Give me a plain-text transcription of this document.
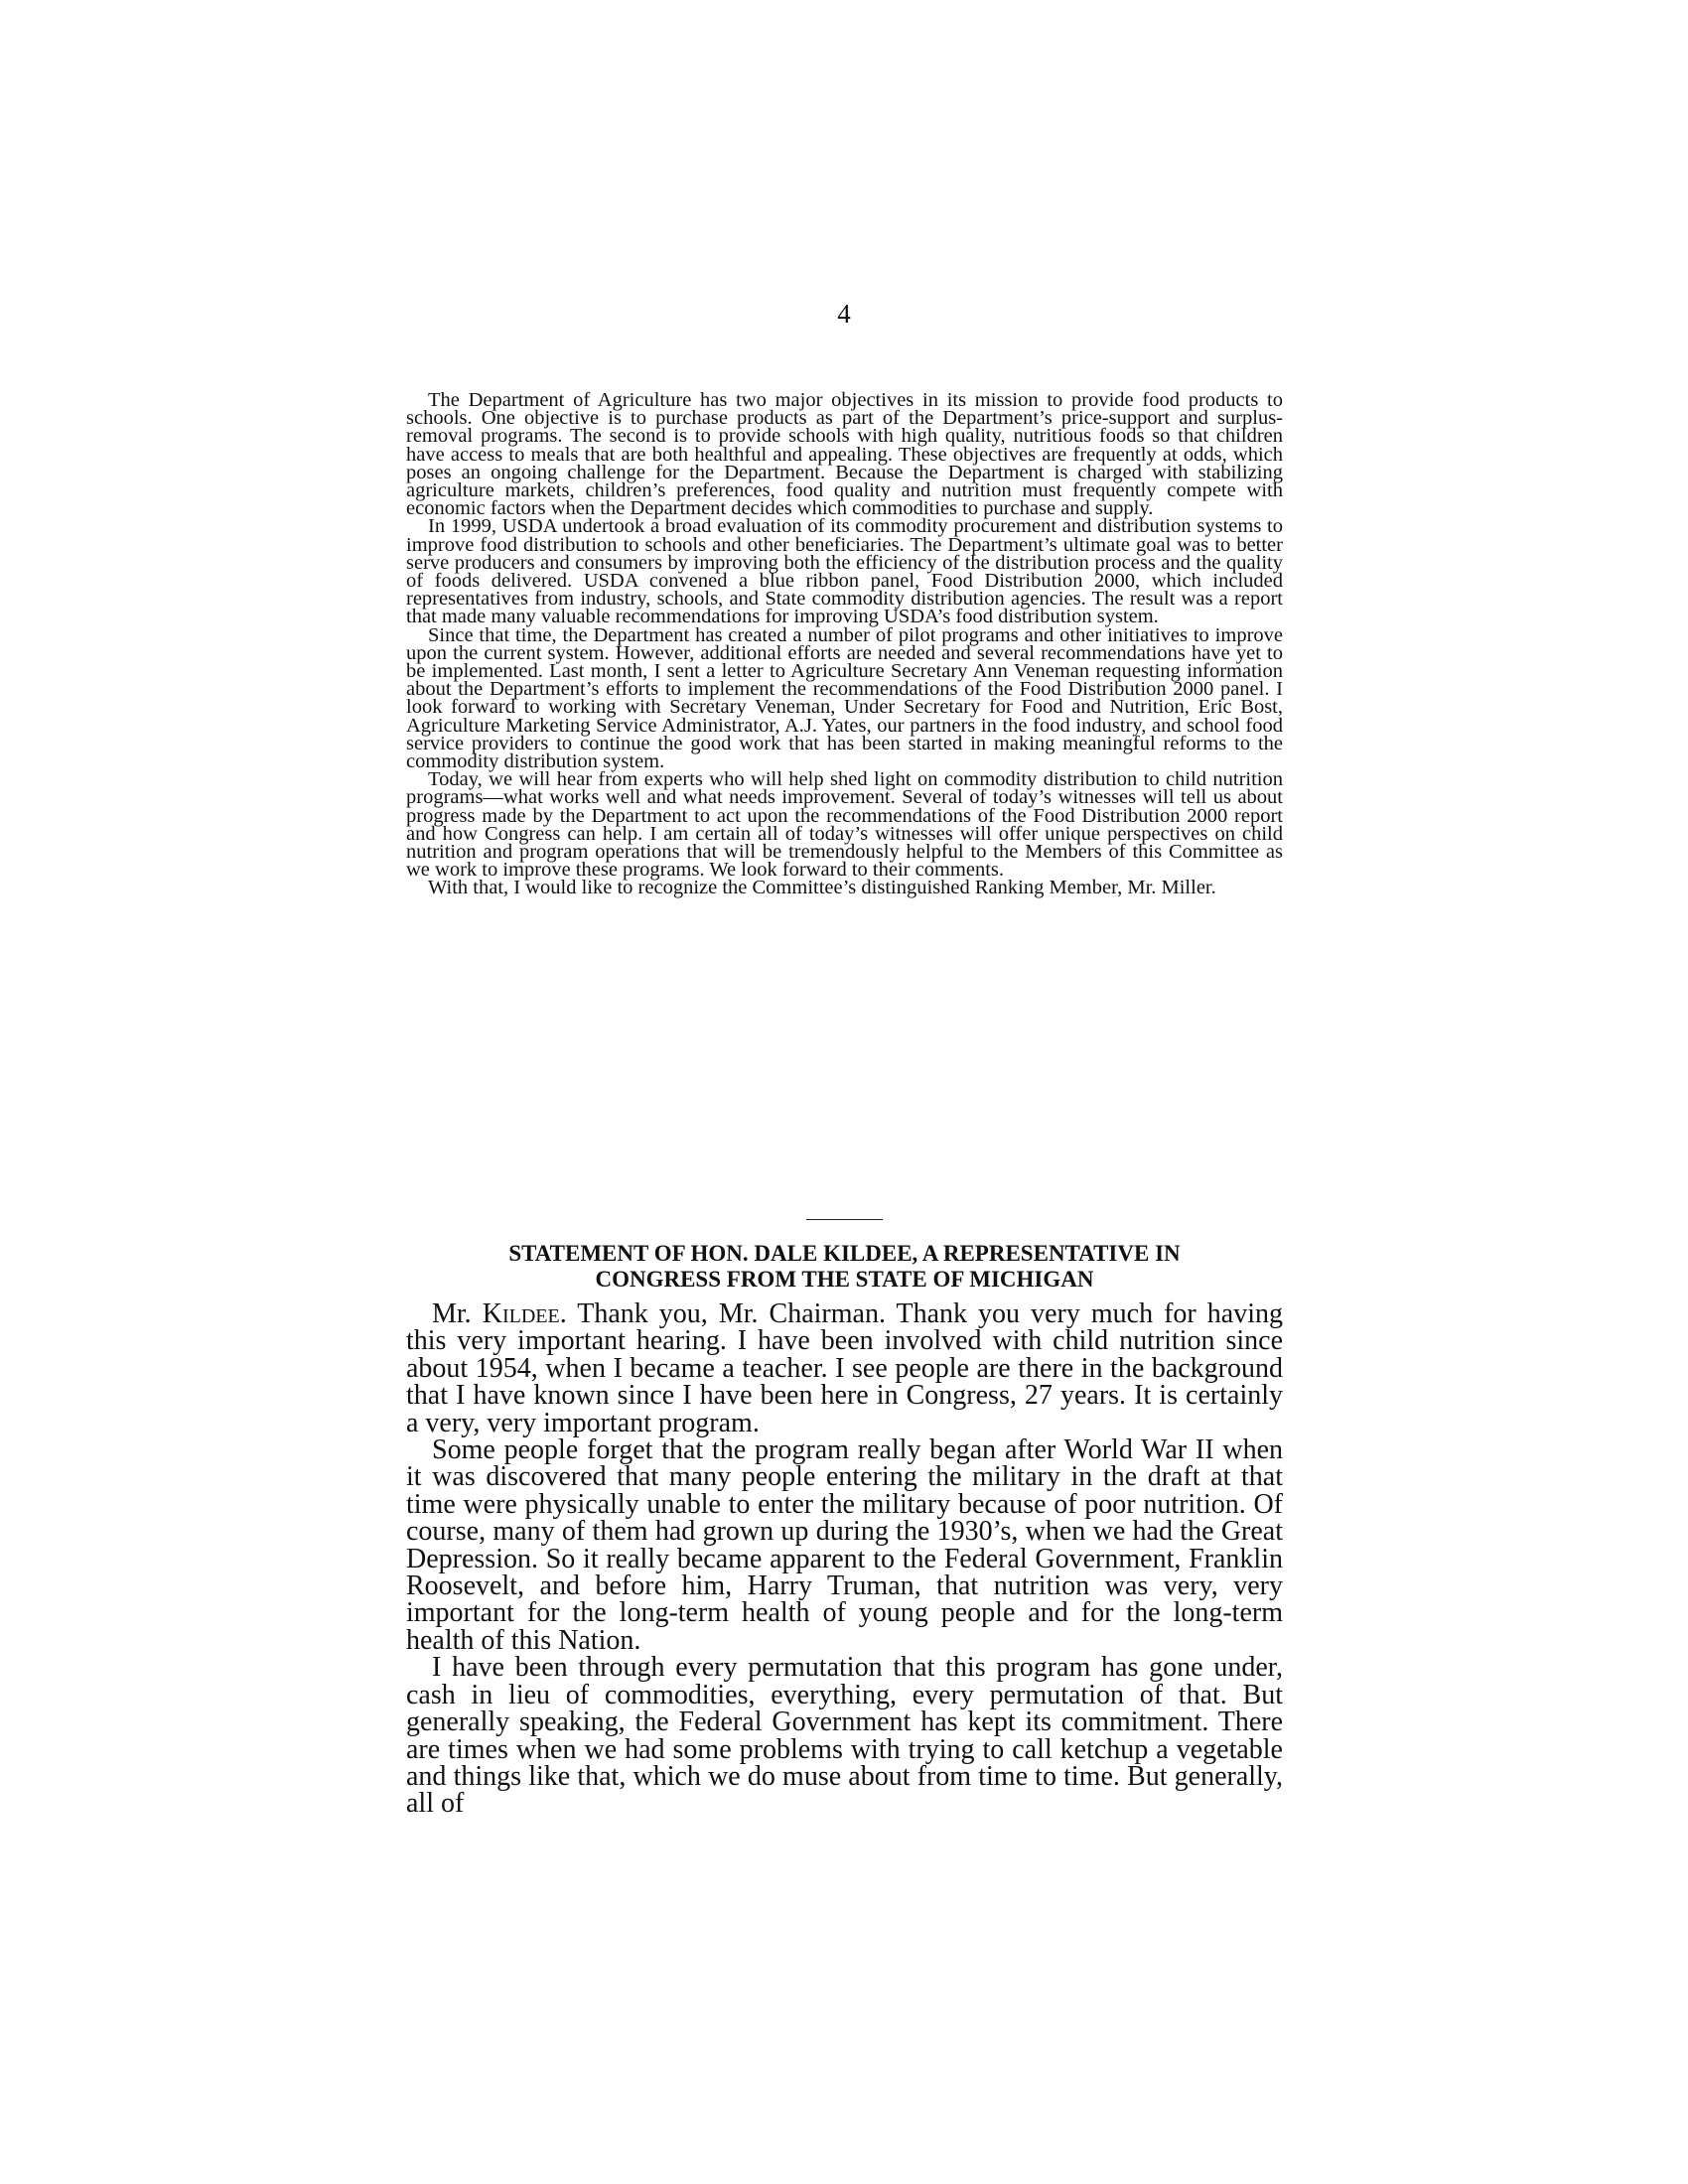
4

The Department of Agriculture has two major objectives in its mission to provide food products to schools. One objective is to purchase products as part of the Department’s price-support and surplus-removal programs. The second is to provide schools with high quality, nutritious foods so that children have access to meals that are both healthful and appealing. These objectives are frequently at odds, which poses an ongoing challenge for the Department. Because the Department is charged with stabilizing agriculture markets, children’s preferences, food quality and nutrition must frequently compete with economic factors when the Department decides which commodities to purchase and supply.

In 1999, USDA undertook a broad evaluation of its commodity procurement and distribution systems to improve food distribution to schools and other beneficiaries. The Department’s ultimate goal was to better serve producers and consumers by improving both the efficiency of the distribution process and the quality of foods delivered. USDA convened a blue ribbon panel, Food Distribution 2000, which included representatives from industry, schools, and State commodity distribution agencies. The result was a report that made many valuable recommendations for improving USDA’s food distribution system.

Since that time, the Department has created a number of pilot programs and other initiatives to improve upon the current system. However, additional efforts are needed and several recommendations have yet to be implemented. Last month, I sent a letter to Agriculture Secretary Ann Veneman requesting information about the Department’s efforts to implement the recommendations of the Food Distribution 2000 panel. I look forward to working with Secretary Veneman, Under Secretary for Food and Nutrition, Eric Bost, Agriculture Marketing Service Administrator, A.J. Yates, our partners in the food industry, and school food service providers to continue the good work that has been started in making meaningful reforms to the commodity distribution system.

Today, we will hear from experts who will help shed light on commodity distribution to child nutrition programs—what works well and what needs improvement. Several of today’s witnesses will tell us about progress made by the Department to act upon the recommendations of the Food Distribution 2000 report and how Congress can help. I am certain all of today’s witnesses will offer unique perspectives on child nutrition and program operations that will be tremendously helpful to the Members of this Committee as we work to improve these programs. We look forward to their comments.

With that, I would like to recognize the Committee’s distinguished Ranking Member, Mr. Miller.

STATEMENT OF HON. DALE KILDEE, A REPRESENTATIVE IN
CONGRESS FROM THE STATE OF MICHIGAN

Mr. Kildee. Thank you, Mr. Chairman. Thank you very much for having this very important hearing. I have been involved with child nutrition since about 1954, when I became a teacher. I see people are there in the background that I have known since I have been here in Congress, 27 years. It is certainly a very, very important program.

Some people forget that the program really began after World War II when it was discovered that many people entering the military in the draft at that time were physically unable to enter the military because of poor nutrition. Of course, many of them had grown up during the 1930’s, when we had the Great Depression. So it really became apparent to the Federal Government, Franklin Roosevelt, and before him, Harry Truman, that nutrition was very, very important for the long-term health of young people and for the long-term health of this Nation.

I have been through every permutation that this program has gone under, cash in lieu of commodities, everything, every permutation of that. But generally speaking, the Federal Government has kept its commitment. There are times when we had some problems with trying to call ketchup a vegetable and things like that, which we do muse about from time to time. But generally, all of
